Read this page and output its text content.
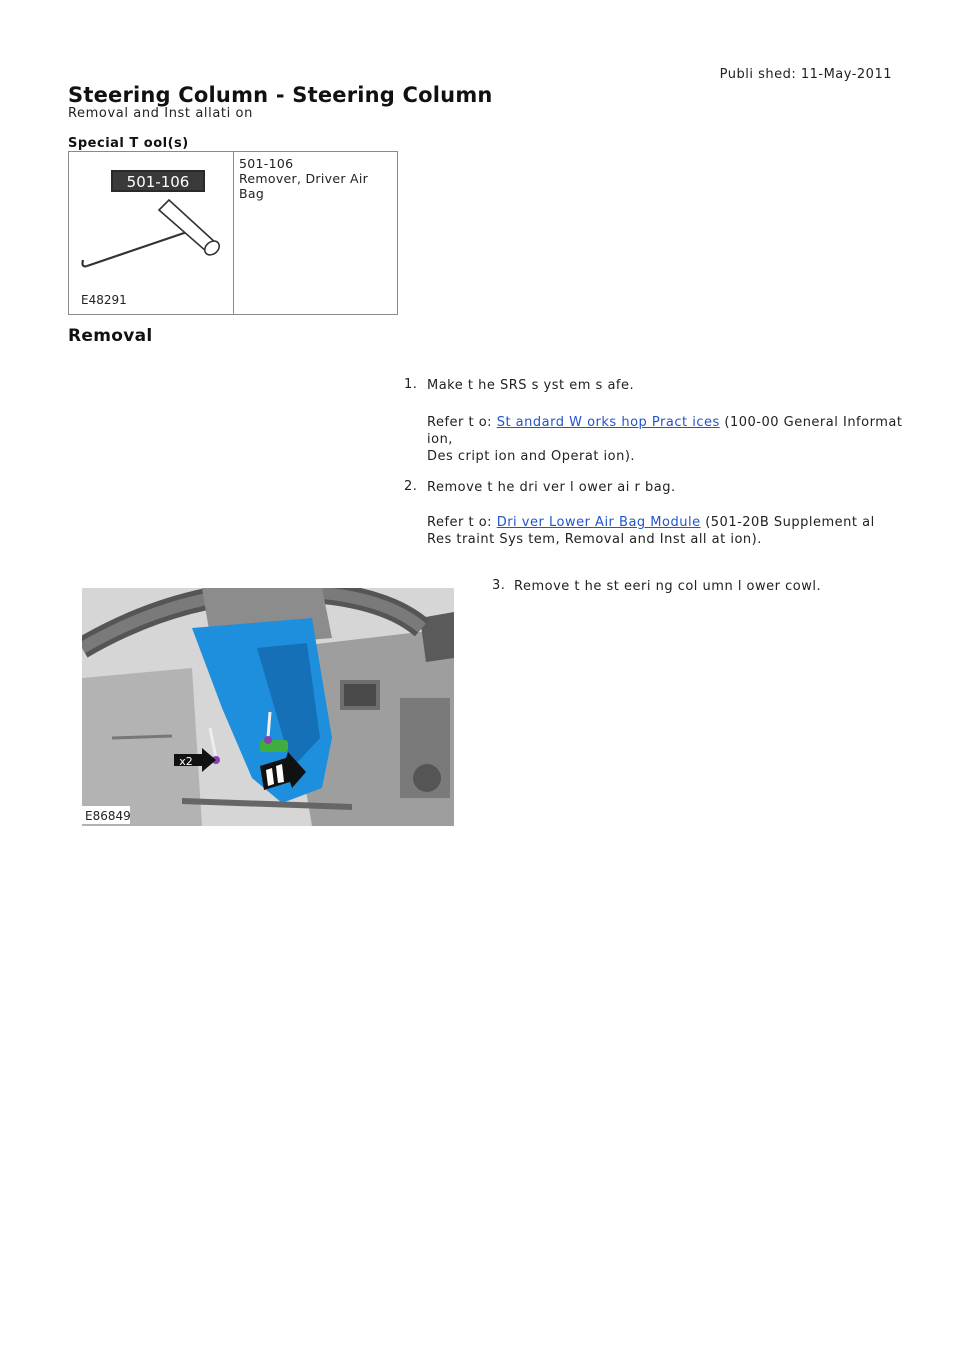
Publi shed: 11-May-2011
Steering Column - Steering Column
Removal and Inst allati on
Special T ool(s)
501-106
E48291
501-106
Remover, Driver Air Bag
Removal
1. Make t he SRS s yst em s afe.
Refer t o: St andard W orks hop Pract ices (100-00 General Informat ion,
Des cript ion and Operat ion).
2. Remove t he dri ver l ower ai r bag.
Refer t o: Dri ver Lower Air Bag Module (501-20B Supplement al
Res traint Sys tem, Removal and Inst all at ion).
3. Remove t he st eeri ng col umn l ower cowl.
x2
E86849
